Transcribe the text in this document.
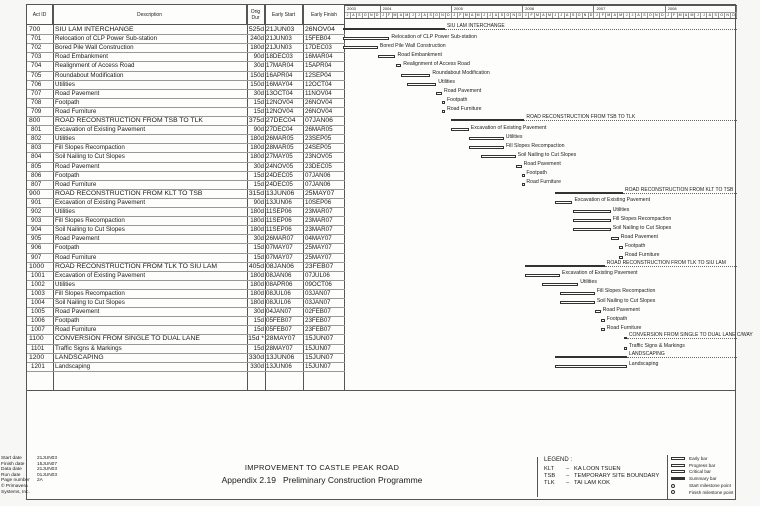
Act ID	Description	Orig Dur	Early Start	Early Finish
700	SIU LAM INTERCHANGE	525d 21JUN03	26NOV04
701	Relocation of CLP Power Sub-station	240d 21JUN03	15FEB04
702	Bored Pile Wall Construction	180d 21JUN03	17DEC03
703	Road Embankment	90d 18DEC03	16MAR04
704	Realignment of Access Road	30d 17MAR04	15APR04
705	Roundabout Modification	150d 16APR04	12SEP04
706	Utilities	150d 16MAY04	12OCT04
707	Road Pavement	30d 13OCT04	11NOV04
708	Footpath	15d 12NOV04	26NOV04
709	Road Furniture	15d 12NOV04	26NOV04
800	ROAD RECONSTRUCTION FROM TSB TO TLK	375d 27DEC04	07JAN06
801	Excavation of Existing Pavement	90d 27DEC04	26MAR05
802	Utilities	180d 26MAR05	23SEP05
803	Fill Slopes Recompaction	180d 28MAR05	24SEP05
804	Soil Nailing to Cut Slopes	180d 27MAY05	23NOV05
805	Road Pavement	30d 24NOV05	23DEC05
806	Footpath	15d 24DEC05	07JAN06
807	Road Furniture	15d 24DEC05	07JAN06
900	ROAD RECONSTRUCTION FROM KLT TO TSB	315d 13JUN06	25MAY07
901	Excavation of Existing Pavement	90d 13JUN06	10SEP06
902	Utilities	180d 11SEP06	23MAR07
903	Fill Slopes Recompaction	180d 11SEP06	23MAR07
904	Soil Nailing to Cut Slopes	180d 11SEP06	23MAR07
905	Road Pavement	30d 26MAR07	04MAY07
906	Footpath	15d 07MAY07	25MAY07
907	Road Furniture	15d 07MAY07	25MAY07
1000	ROAD RECONSTRUCTION FROM TLK TO SIU LAM	405d 08JAN06	23FEB07
1001	Excavation of Existing Pavement	180d 08JAN06	07JUL06
1002	Utilities	180d 08APR06	09OCT06
1003	Fill Slopes Recompaction	180d 08JUL06	03JAN07
1004	Soil Nailing to Cut Slopes	180d 08JUL06	03JAN07
1005	Road Pavement	30d 04JAN07	02FEB07
1006	Footpath	15d 05FEB07	23FEB07
1007	Road Furniture	15d 05FEB07	23FEB07
1100	CONVERSION FROM SINGLE TO DUAL LANE	15d * 28MAY07	15JUN07
1101	Traffic Signs & Markings	15d 28MAY07	15JUN07
1200	LANDSCAPING	330d 13JUN06	15JUN07
1201	Landscaping	330d 13JUN06	15JUN07
2003	2004	2005	2006	2007	2008
J	A	S O N D	J	F M A M	J	J	A	S O N D	J	F M A M	J	J	A	S O N D	J	F M A M	J	J	A	S O N D	J	F M A M	J	J	A	S O N D	J	F M A M	J	J	A	S O N D
SIU LAM INTERCHANGE
Relocation of CLP Power Sub-station
Bored Pile Wall Construction
Road Embankment
Realignment of Access Road
Roundabout Modification
Utilities
Road Pavement
Footpath
Road Furniture
ROAD RECONSTRUCTION FROM TSB TO TLK
Excavation of Existing Pavement
Utilities
Fill Slopes Recompaction
Soil Nailing to Cut Slopes
Road Pavement
Footpath
Road Furniture
ROAD RECONSTRUCTION FROM KLT TO TSB
Excavation of Existing Pavement
Utilities
Fill Slopes Recompaction
Soil Nailing to Cut Slopes
Road Pavement
Footpath
Road Furniture
ROAD RECONSTRUCTION FROM TLK TO SIU LAM
Excavation of Existing Pavement
Utilities
Fill Slopes Recompaction
Soil Nailing to Cut Slopes
Road Pavement
Footpath
Road Furniture
CONVERSION FROM SINGLE TO DUAL LANE C/WAY
Traffic Signs & Markings
LANDSCAPING
Landscaping
Start date	21JUN03
Finish date	15JUN07
Data date	21JUN03
Run date	01JUN03
Page number	2A
© Primavera Systems, Inc.
IMPROVEMENT TO CASTLE PEAK ROAD
Appendix 2.19 Preliminary Construction Programme
LEGEND :
KLT	– KA LOON TSUEN
TSB	– TEMPORARY SITE BOUNDARY
TLK	– TAI LAM KOK
Early bar
Progress bar
Critical bar
Summary bar
Start milestone point
Finish milestone point
